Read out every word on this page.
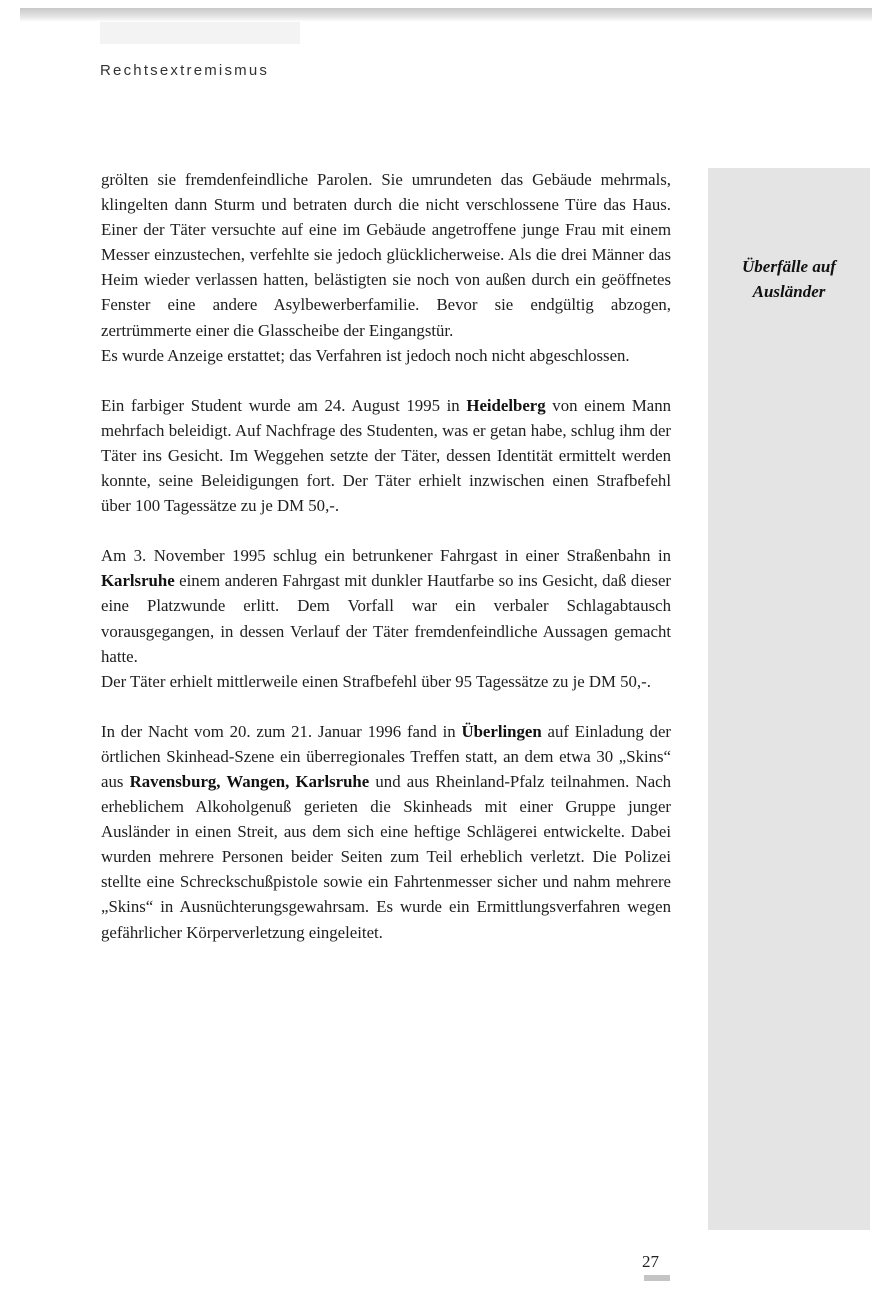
Rechtsextremismus
Überfälle auf
Ausländer

grölten sie fremdenfeindliche Parolen. Sie umrundeten das Gebäude mehrmals, klingelten dann Sturm und betraten durch die nicht verschlossene Türe das Haus. Einer der Täter versuchte auf eine im Gebäude angetroffene junge Frau mit einem Messer einzustechen, verfehlte sie jedoch glücklicherweise. Als die drei Männer das Heim wieder verlassen hatten, belästigten sie noch von außen durch ein geöffnetes Fenster eine andere Asylbewerberfamilie. Bevor sie endgültig abzogen, zertrümmerte einer die Glasscheibe der Eingangstür.

Es wurde Anzeige erstattet; das Verfahren ist jedoch noch nicht abgeschlossen.

Ein farbiger Student wurde am 24. August 1995 in Heidelberg von einem Mann mehrfach beleidigt. Auf Nachfrage des Studenten, was er getan habe, schlug ihm der Täter ins Gesicht. Im Weggehen setzte der Täter, dessen Identität ermittelt werden konnte, seine Beleidigungen fort. Der Täter erhielt inzwischen einen Strafbefehl über 100 Tagessätze zu je DM 50,-.

Am 3. November 1995 schlug ein betrunkener Fahrgast in einer Straßenbahn in Karlsruhe einem anderen Fahrgast mit dunkler Hautfarbe so ins Gesicht, daß dieser eine Platzwunde erlitt. Dem Vorfall war ein verbaler Schlagabtausch vorausgegangen, in dessen Verlauf der Täter fremdenfeindliche Aussagen gemacht hatte.

Der Täter erhielt mittlerweile einen Strafbefehl über 95 Tagessätze zu je DM 50,-.

In der Nacht vom 20. zum 21. Januar 1996 fand in Überlingen auf Einladung der örtlichen Skinhead-Szene ein überregionales Treffen statt, an dem etwa 30 „Skins“ aus Ravensburg, Wangen, Karlsruhe und aus Rheinland-Pfalz teilnahmen. Nach erheblichem Alkoholgenuß gerieten die Skinheads mit einer Gruppe junger Ausländer in einen Streit, aus dem sich eine heftige Schlägerei entwickelte. Dabei wurden mehrere Personen beider Seiten zum Teil erheblich verletzt. Die Polizei stellte eine Schreckschußpistole sowie ein Fahrtenmesser sicher und nahm mehrere „Skins“ in Ausnüchterungsgewahrsam. Es wurde ein Ermittlungsverfahren wegen gefährlicher Körperverletzung eingeleitet.

27
